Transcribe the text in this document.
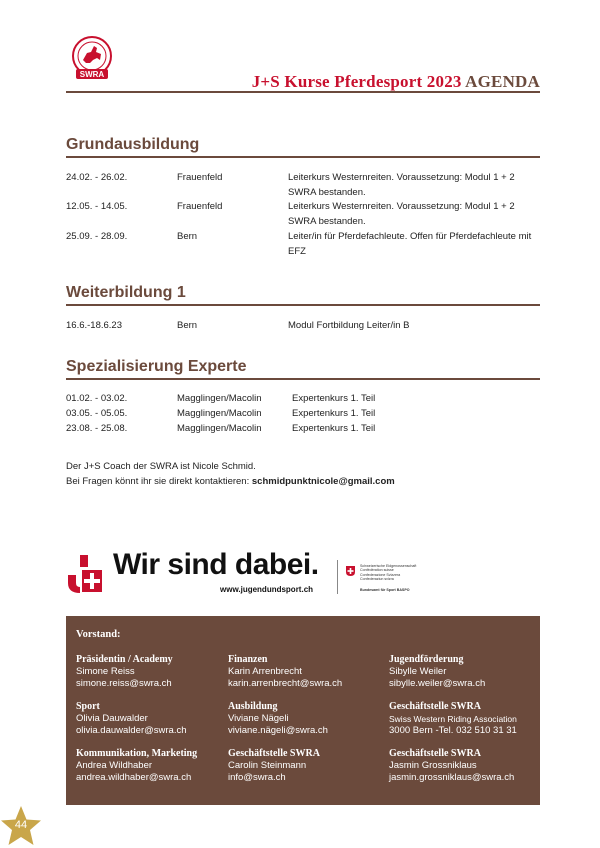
SWRA	J+S Kurse Pferdesport 2023 AGENDA
Grundausbildung
24.02. - 26.02.	Frauenfeld	Leiterkurs Westernreiten. Voraussetzung: Modul 1 + 2 SWRA bestanden.
12.05. - 14.05.	Frauenfeld	Leiterkurs Westernreiten. Voraussetzung: Modul 1 + 2 SWRA bestanden.
25.09. - 28.09.	Bern	Leiter/in für Pferdefachleute. Offen für Pferdefachleute mit EFZ
Weiterbildung 1
16.6.-18.6.23	Bern	Modul Fortbildung Leiter/in B
Spezialisierung Experte
01.02. - 03.02.	Magglingen/Macolin	Expertenkurs 1. Teil
03.05. - 05.05.	Magglingen/Macolin	Expertenkurs 1. Teil
23.08. - 25.08.	Magglingen/Macolin	Expertenkurs 1. Teil
Der J+S Coach der SWRA ist Nicole Schmid.
Bei Fragen könnt ihr sie direkt kontaktieren: schmidpunktnicole@gmail.com
Wir sind dabei.
www.jugendundsport.ch
Schweizerische Eidgenossenschaft
Confédération suisse
Confederazione Svizzera
Confederaziun svizra
Bundesamt für Sport BASPO
Vorstand:
Präsidentin / Academy
Simone Reiss
simone.reiss@swra.ch
Finanzen
Karin Arrenbrecht
karin.arrenbrecht@swra.ch
Jugendförderung
Sibylle Weiler
sibylle.weiler@swra.ch
Sport
Olivia Dauwalder
olivia.dauwalder@swra.ch
Ausbildung
Viviane Nägeli
viviane.nägeli@swra.ch
Geschäftstelle SWRA
Swiss Western Riding Association
3000 Bern -Tel. 032 510 31 31
Kommunikation, Marketing
Andrea Wildhaber
andrea.wildhaber@swra.ch
Geschäftstelle SWRA
Carolin Steinmann
info@swra.ch
Geschäftstelle SWRA
Jasmin Grossniklaus
jasmin.grossniklaus@swra.ch
44
